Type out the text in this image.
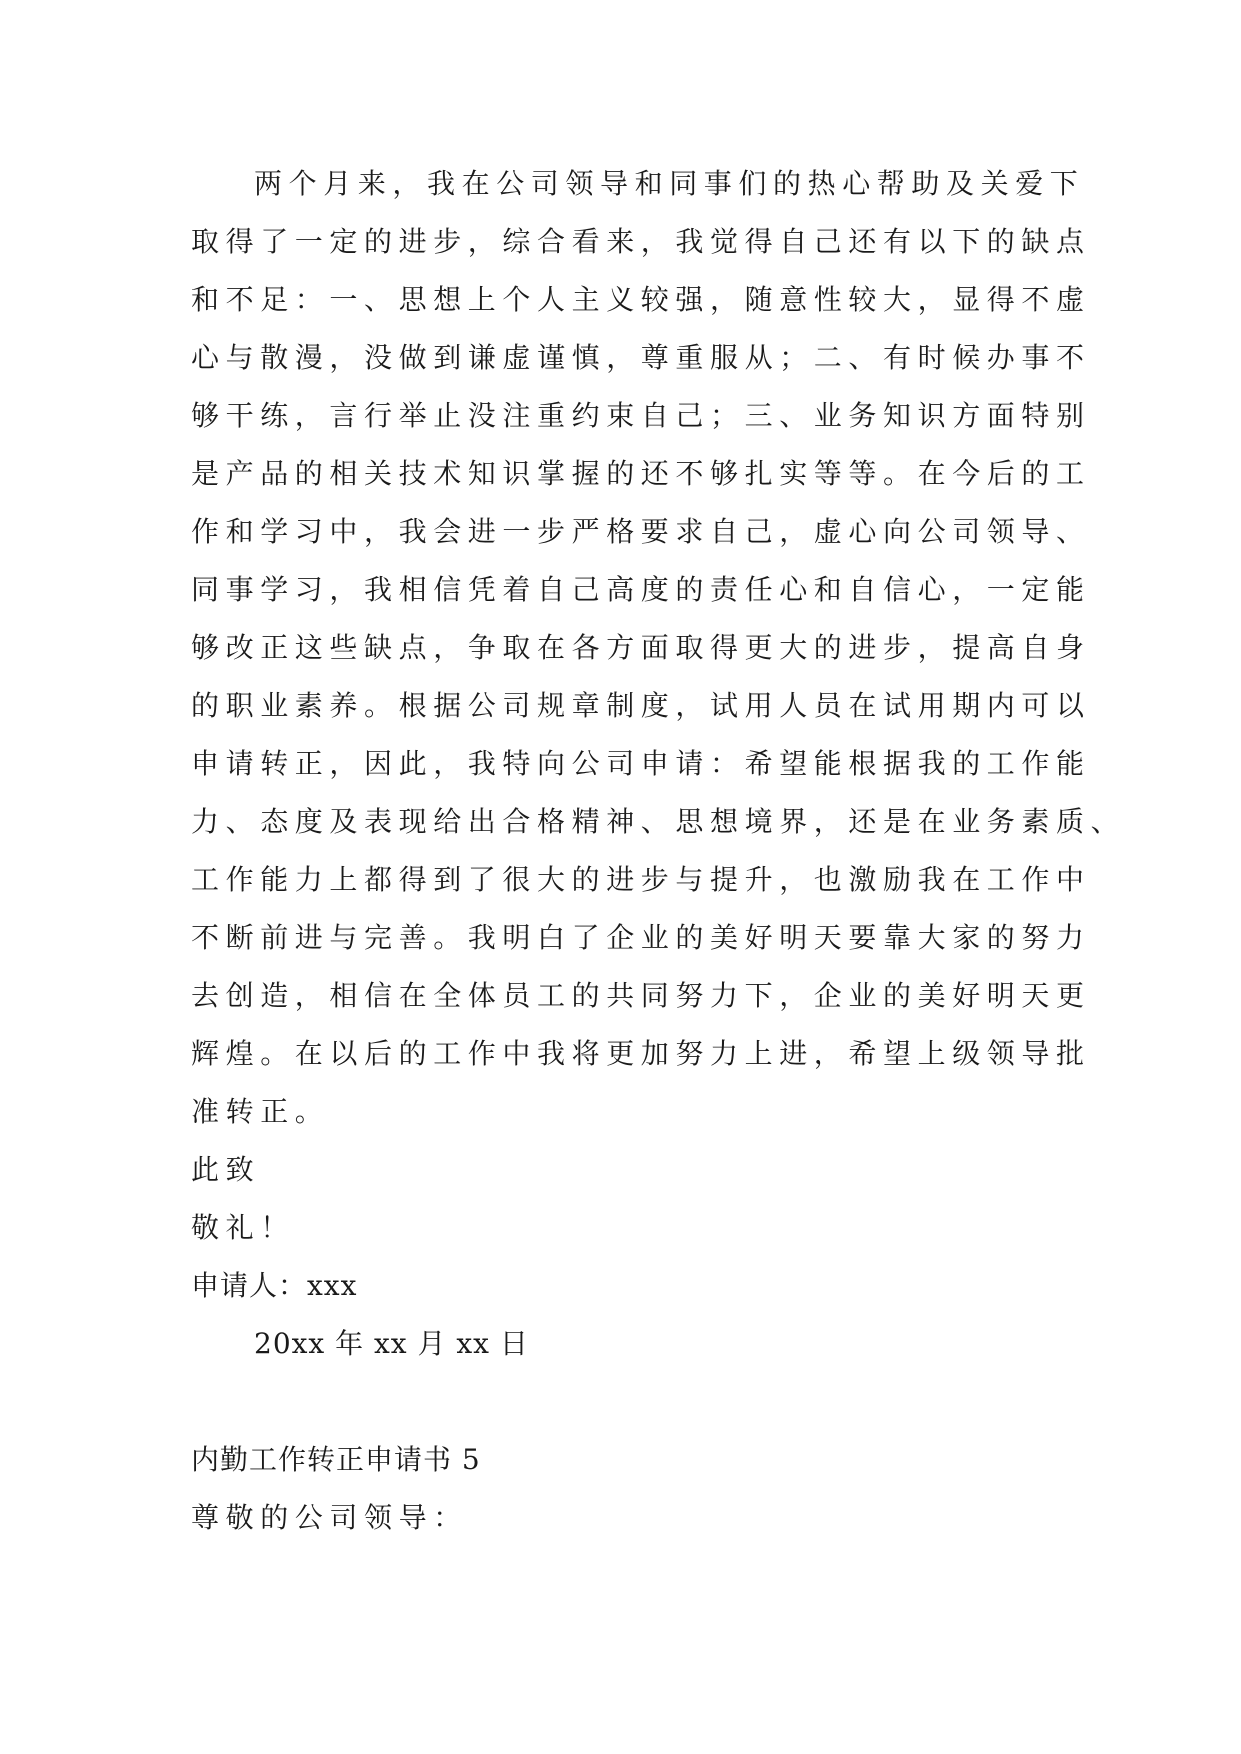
两个月来，我在公司领导和同事们的热心帮助及关爱下
取得了一定的进步，综合看来，我觉得自己还有以下的缺点
和不足：一、思想上个人主义较强，随意性较大，显得不虚
心与散漫，没做到谦虚谨慎，尊重服从；二、有时候办事不
够干练，言行举止没注重约束自己；三、业务知识方面特别
是产品的相关技术知识掌握的还不够扎实等等。在今后的工
作和学习中，我会进一步严格要求自己，虚心向公司领导、
同事学习，我相信凭着自己高度的责任心和自信心，一定能
够改正这些缺点，争取在各方面取得更大的进步，提高自身
的职业素养。根据公司规章制度，试用人员在试用期内可以
申请转正，因此，我特向公司申请：希望能根据我的工作能
力、态度及表现给出合格精神、思想境界，还是在业务素质、
工作能力上都得到了很大的进步与提升，也激励我在工作中
不断前进与完善。我明白了企业的美好明天要靠大家的努力
去创造，相信在全体员工的共同努力下，企业的美好明天更
辉煌。在以后的工作中我将更加努力上进，希望上级领导批
准转正。
此致
敬礼！
申请人：xxx
20xx 年 xx 月 xx 日
内勤工作转正申请书 5
尊敬的公司领导：
